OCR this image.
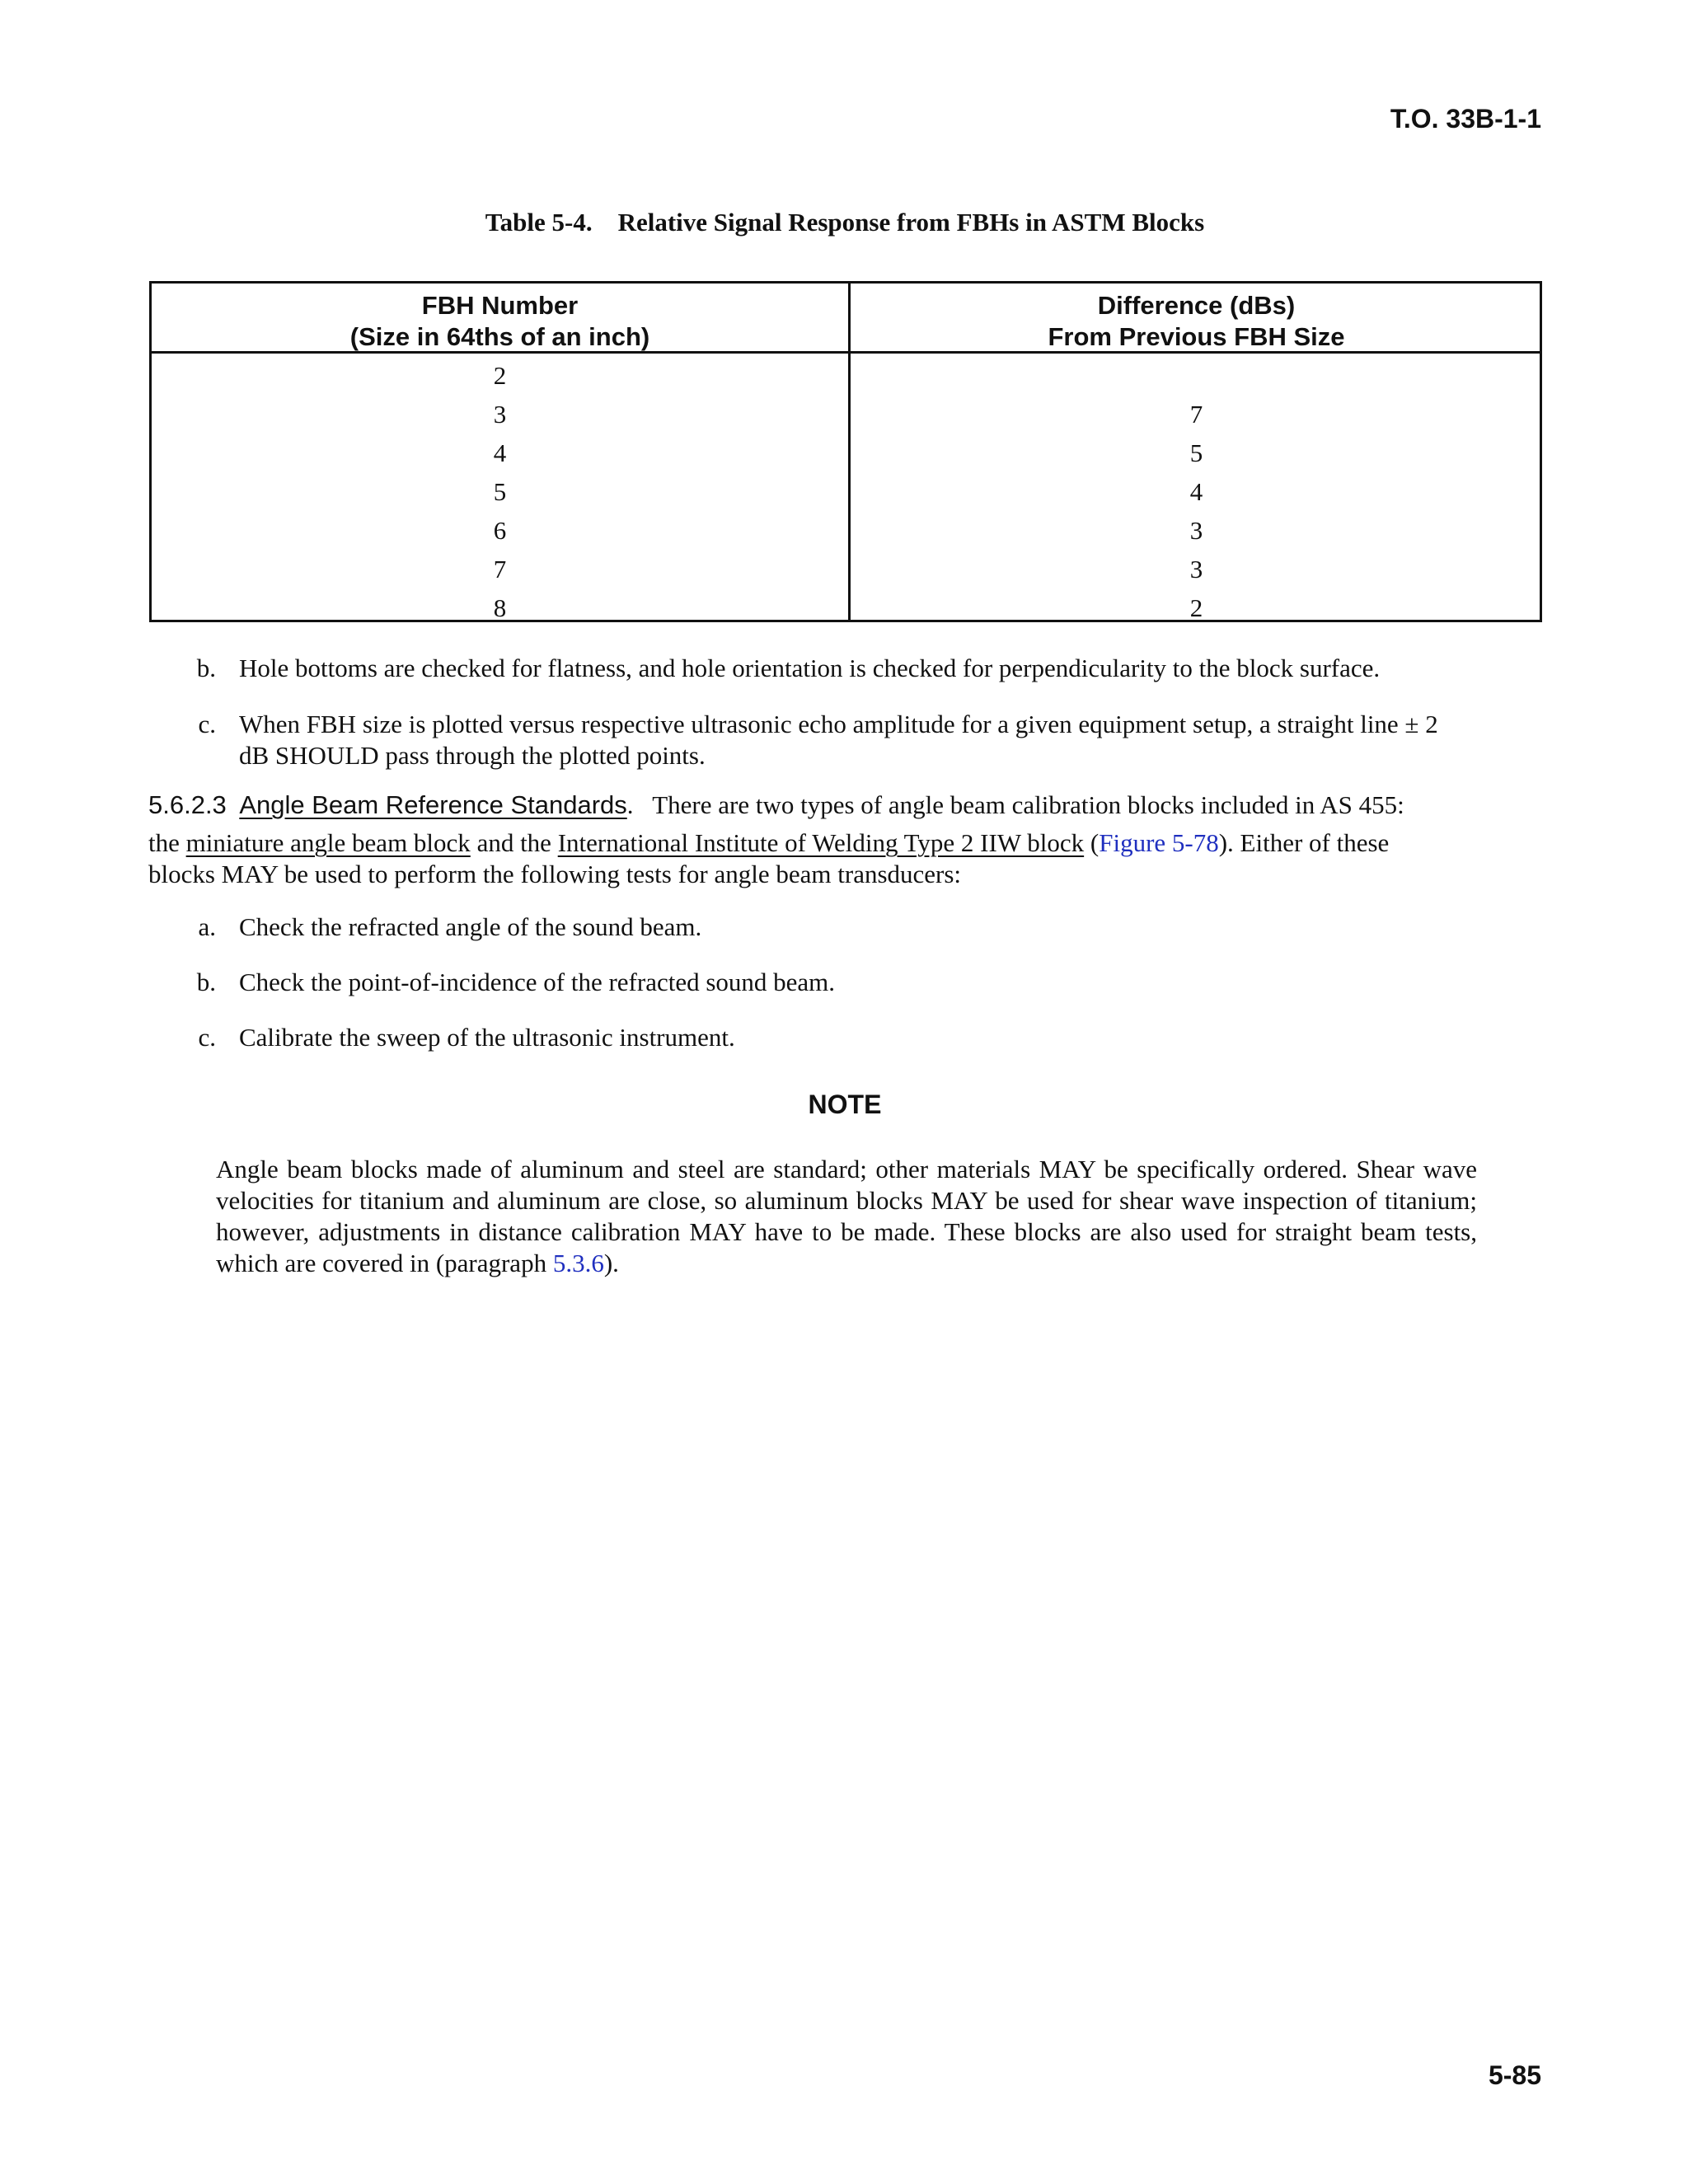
T.O. 33B-1-1
Table 5-4.    Relative Signal Response from FBHs in ASTM Blocks
FBH Number
(Size in 64ths of an inch)
Difference (dBs)
From Previous FBH Size
2
3
4
5
6
7
8
7
5
4
3
3
2
b. Hole bottoms are checked for flatness, and hole orientation is checked for perpendicularity to the block surface.
c. When FBH size is plotted versus respective ultrasonic echo amplitude for a given equipment setup, a straight line ± 2
dB SHOULD pass through the plotted points.
5.6.2.3 Angle Beam Reference Standards. There are two types of angle beam calibration blocks included in AS 455:
the miniature angle beam block and the International Institute of Welding Type 2 IIW block (Figure 5-78). Either of these
blocks MAY be used to perform the following tests for angle beam transducers:
a. Check the refracted angle of the sound beam.
b. Check the point-of-incidence of the refracted sound beam.
c. Calibrate the sweep of the ultrasonic instrument.
NOTE
Angle beam blocks made of aluminum and steel are standard; other materials MAY be specifically ordered. Shear wave velocities for titanium and aluminum are close, so aluminum blocks MAY be used for shear wave inspection of titanium; however, adjustments in distance calibration MAY have to be made. These blocks are also used for straight beam tests, which are covered in (paragraph 5.3.6).
5-85
